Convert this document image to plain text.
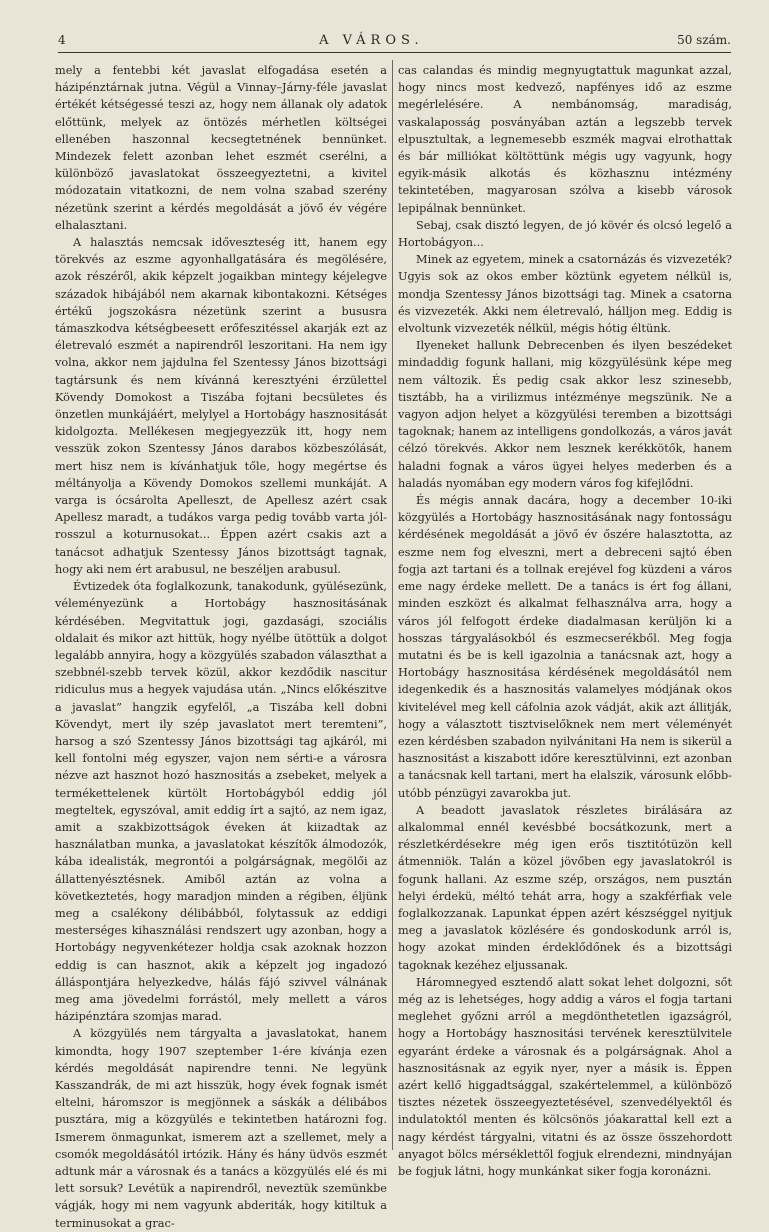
4	A VÁROS.	50 szám.

mely a fentebbi két javaslat elfogadása esetén a házipénztárnak jutna. Végül a Vinnay–Járny-féle javaslat értékét kétségessé teszi az, hogy nem állanak oly adatok előttünk, melyek az öntözés mérhetlen költségei ellenében haszonnal kecsegtetnének bennünket. Mindezek felett azonban lehet eszmét cserélni, a különböző javaslatokat összeegyeztetni, a kivitel módozatain vitatkozni, de nem volna szabad szerény nézetünk szerint a kérdés megoldását a jövő év végére elhalasztani.

A halasztás nemcsak időveszteség itt, hanem egy törekvés az eszme agyonhallgatására és megölésére, azok részéről, akik képzelt jogaikban mintegy kéjelegve századok hibájából nem akarnak kibontakozni. Kétséges értékű jogszokásra nézetünk szerint a bususra támaszkodva kétségbeesett erőfeszitéssel akarják ezt az életrevaló eszmét a napirendről leszoritani. Ha nem igy volna, akkor nem jajdulna fel Szentessy János bizottsági tagtársunk és nem kívánná keresztyéni érzülettel Kövendy Domokost a Tiszába fojtani becsületes és önzetlen munkájáért, melylyel a Hortobágy hasznositását kidolgozta. Mellékesen megjegyezzük itt, hogy nem vesszük zokon Szentessy János darabos közbeszólását, mert hisz nem is kívánhatjuk tőle, hogy megértse és méltányolja a Kövendy Domokos szellemi munkáját. A varga is ócsárolta Apelleszt, de Apellesz azért csak Apellesz maradt, a tudákos varga pedig tovább varta jól-rosszul a koturnusokat... Éppen azért csakis azt a tanácsot adhatjuk Szentessy János bizottságt tagnak, hogy aki nem ért arabusul, ne beszéljen arabusul.

Évtizedek óta foglalkozunk, tanakodunk, gyülésezünk, véleményezünk a Hortobágy hasznositásának kérdésében. Megvitattuk jogi, gazdasági, szociális oldalait és mikor azt hittük, hogy nyélbe ütöttük a dolgot legalább annyira, hogy a közgyülés szabadon választhat a szebbnél-szebb tervek közül, akkor kezdődik nascitur ridiculus mus a hegyek vajudása után. „Nincs előkészitve a javaslat” hangzik egyfelől, „a Tiszába kell dobni Kövendyt, mert ily szép javaslatot mert teremteni”, harsog a szó Szentessy János bizottsági tag ajkáról, mi kell fontolni még egyszer, vajon nem sérti-e a városra nézve azt hasznot hozó hasznositás a zsebeket, melyek a termékettelenek kürtölt Hortobágyból eddig jól megteltek, egyszóval, amit eddig írt a sajtó, az nem igaz, amit a szakbizottságok éveken át kiizadtak az használatban munka, a javaslatokat készítők álmodozók, kába idealisták, megrontói a polgárságnak, megölői az állattenyésztésnek. Amiből aztán az volna a következtetés, hogy maradjon minden a régiben, éljünk meg a csalékony délibábból, folytassuk az eddigi mesterséges kihasználási rendszert ugy azonban, hogy a Hortobágy negyvenkétezer holdja csak azoknak hozzon eddig is can hasznot, akik a képzelt jog ingadozó álláspontjára helyezkedve, hálás fájó szivvel válnának meg ama jövedelmi forrástól, mely mellett a város házipénztára szomjas marad.

A közgyülés nem tárgyalta a javaslatokat, hanem kimondta, hogy 1907 szeptember 1-ére kívánja ezen kérdés megoldását napirendre tenni. Ne legyünk Kasszandrák, de mi azt hisszük, hogy évek fognak ismét eltelni, háromszor is megjönnek a sáskák a délibábos pusztára, mig a közgyülés e tekintetben határozni fog. Ismerem önmagunkat, ismerem azt a szellemet, mely a csomók megoldásától irtózik. Hány és hány üdvös eszmét adtunk már a városnak és a tanács a közgyülés elé és mi lett sorsuk? Levétük a napirendről, neveztük szemünkbe vágják, hogy mi nem vagyunk abderiták, hogy kitiltuk a terminusokat a grac-

cas calandas és mindig megnyugtattuk magunkat azzal, hogy nincs most kedvező, napfényes idő az eszme megérlelésére. A nembánomság, maradiság, vaskalaposság posványában aztán a legszebb tervek elpusztultak, a legnemesebb eszmék magvai elrothattak és bár milliókat költöttünk mégis ugy vagyunk, hogy egyik-másik alkotás és közhasznu intézmény tekintetében, magyarosan szólva a kisebb városok lepipálnak bennünket.

Sebaj, csak disztó legyen, de jó kövér és olcsó legelő a Hortobágyon...

Minek az egyetem, minek a csatornázás és vizvezeték? Ugyis sok az okos ember köztünk egyetem nélkül is, mondja Szentessy János bizottsági tag. Minek a csatorna és vizvezeték. Akki nem életrevaló, hálljon meg. Eddig is elvoltunk vizvezeték nélkül, mégis hótig éltünk.

Ilyeneket hallunk Debrecenben és ilyen beszédeket mindaddig fogunk hallani, mig közgyülésünk képe meg nem változik. És pedig csak akkor lesz szinesebb, tisztább, ha a virilizmus intézménye megszünik. Ne a vagyon adjon helyet a közgyülési teremben a bizottsági tagoknak; hanem az intelligens gondolkozás, a város javát célzó törekvés. Akkor nem lesznek kerékkötők, hanem haladni fognak a város ügyei helyes mederben és a haladás nyomában egy modern város fog kifejlődni.

És mégis annak dacára, hogy a december 10-iki közgyülés a Hortobágy hasznositásának nagy fontosságu kérdésének megoldását a jövő év őszére halasztotta, az eszme nem fog elveszni, mert a debreceni sajtó ében fogja azt tartani és a tollnak erejével fog küzdeni a város eme nagy érdeke mellett. De a tanács is ért fog állani, minden eszközt és alkalmat felhasználva arra, hogy a város jól felfogott érdeke diadalmasan kerüljön ki a hosszas tárgyalásokból és eszmecserékből. Meg fogja mutatni és be is kell igazolnia a tanácsnak azt, hogy a Hortobágy hasznositása kérdésének megoldásától nem idegenkedik és a hasznositás valamelyes módjának okos kivitelével meg kell cáfolnia azok vádját, akik azt állitják, hogy a választott tisztviselőknek nem mert véleményét ezen kérdésben szabadon nyilvánitani Ha nem is sikerül a hasznositást a kiszabott időre keresztülvinni, ezt azonban a tanácsnak kell tartani, mert ha elalszik, városunk előbb-utóbb pénzügyi zavarokba jut.

A beadott javaslatok részletes birálására az alkalommal ennél kevésbbé bocsátkozunk, mert a részletkérdésekre még igen erős tisztitótüzön kell átmenniök. Talán a közel jövőben egy javaslatokról is fogunk hallani. Az eszme szép, országos, nem pusztán helyi érdekü, méltó tehát arra, hogy a szakférfiak vele foglalkozzanak. Lapunkat éppen azért készséggel nyitjuk meg a javaslatok közlésére és gondoskodunk arról is, hogy azokat minden érdeklődőnek és a bizottsági tagoknak kezéhez eljussanak.

Háromnegyed esztendő alatt sokat lehet dolgozni, sőt még az is lehetséges, hogy addig a város el fogja tartani meglehet győzni arról a megdönthetetlen igazságról, hogy a Hortobágy hasznositási tervének keresztülvitele egyaránt érdeke a városnak és a polgárságnak. Ahol a hasznositásnak az egyik nyer, nyer a másik is. Éppen azért kellő higgadtsággal, szakértelemmel, a különböző tisztes nézetek összeegyeztetésével, szenvedélyektől és indulatoktól menten és kölcsönös jóakarattal kell ezt a nagy kérdést tárgyalni, vitatni és az össze összehordott anyagot bölcs mérséklettől fogjuk elrendezni, mindnyájan be fogjuk látni, hogy munkánkat siker fogja koronázni.
